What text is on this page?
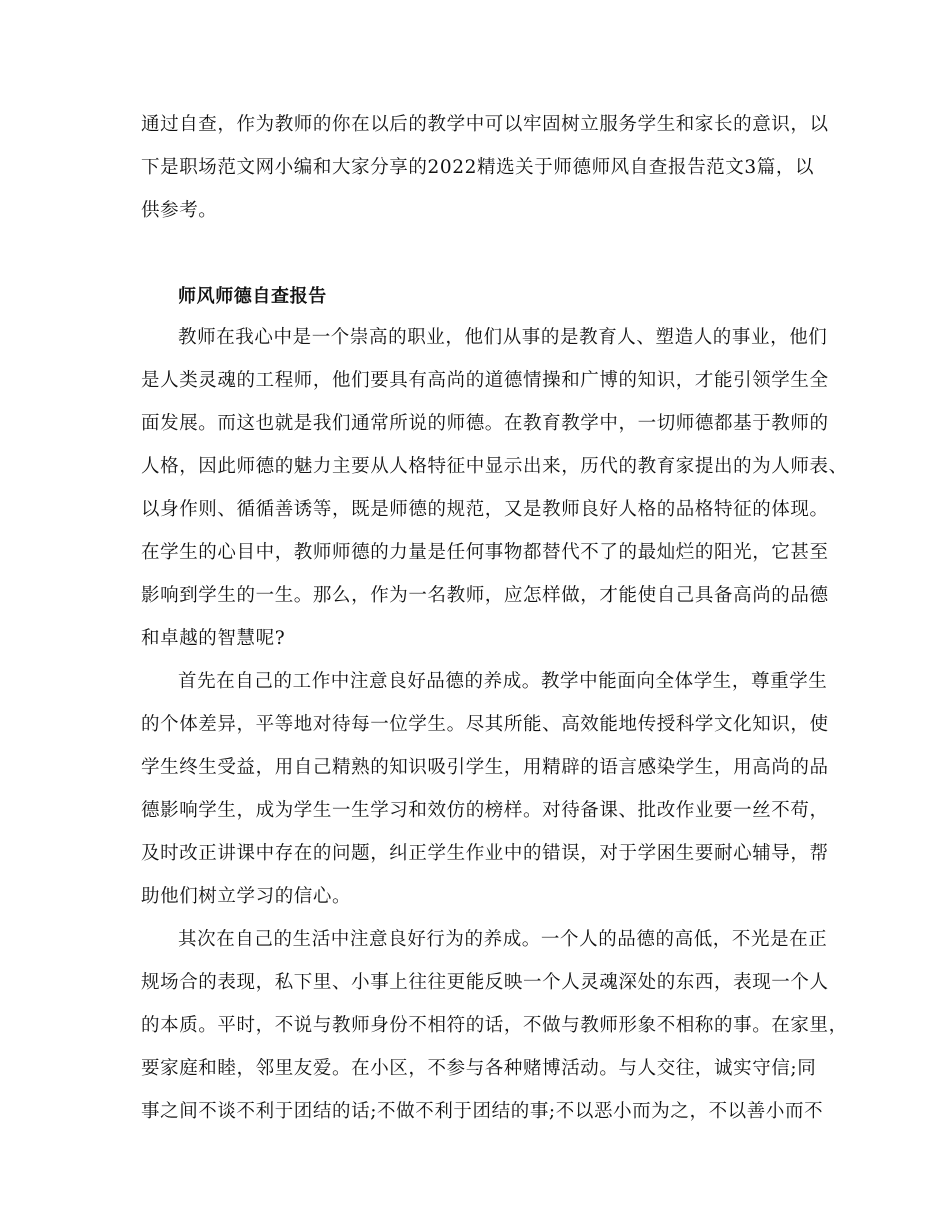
通过自查，作为教师的你在以后的教学中可以牢固树立服务学生和家长的意识，以

下是职场范文网小编和大家分享的2022精选关于师德师风自查报告范文3篇，以

供参考。

师风师德自查报告

教师在我心中是一个崇高的职业，他们从事的是教育人、塑造人的事业，他们

是人类灵魂的工程师，他们要具有高尚的道德情操和广博的知识，才能引领学生全

面发展。而这也就是我们通常所说的师德。在教育教学中，一切师德都基于教师的

人格，因此师德的魅力主要从人格特征中显示出来，历代的教育家提出的为人师表、

以身作则、循循善诱等，既是师德的规范，又是教师良好人格的品格特征的体现。

在学生的心目中，教师师德的力量是任何事物都替代不了的最灿烂的阳光，它甚至

影响到学生的一生。那么，作为一名教师，应怎样做，才能使自己具备高尚的品德

和卓越的智慧呢?

首先在自己的工作中注意良好品德的养成。教学中能面向全体学生，尊重学生

的个体差异，平等地对待每一位学生。尽其所能、高效能地传授科学文化知识，使

学生终生受益，用自己精熟的知识吸引学生，用精辟的语言感染学生，用高尚的品

德影响学生，成为学生一生学习和效仿的榜样。对待备课、批改作业要一丝不苟，

及时改正讲课中存在的问题，纠正学生作业中的错误，对于学困生要耐心辅导，帮

助他们树立学习的信心。

其次在自己的生活中注意良好行为的养成。一个人的品德的高低，不光是在正

规场合的表现，私下里、小事上往往更能反映一个人灵魂深处的东西，表现一个人

的本质。平时，不说与教师身份不相符的话，不做与教师形象不相称的事。在家里，

要家庭和睦，邻里友爱。在小区，不参与各种赌博活动。与人交往，诚实守信;同

事之间不谈不利于团结的话;不做不利于团结的事;不以恶小而为之，不以善小而不
